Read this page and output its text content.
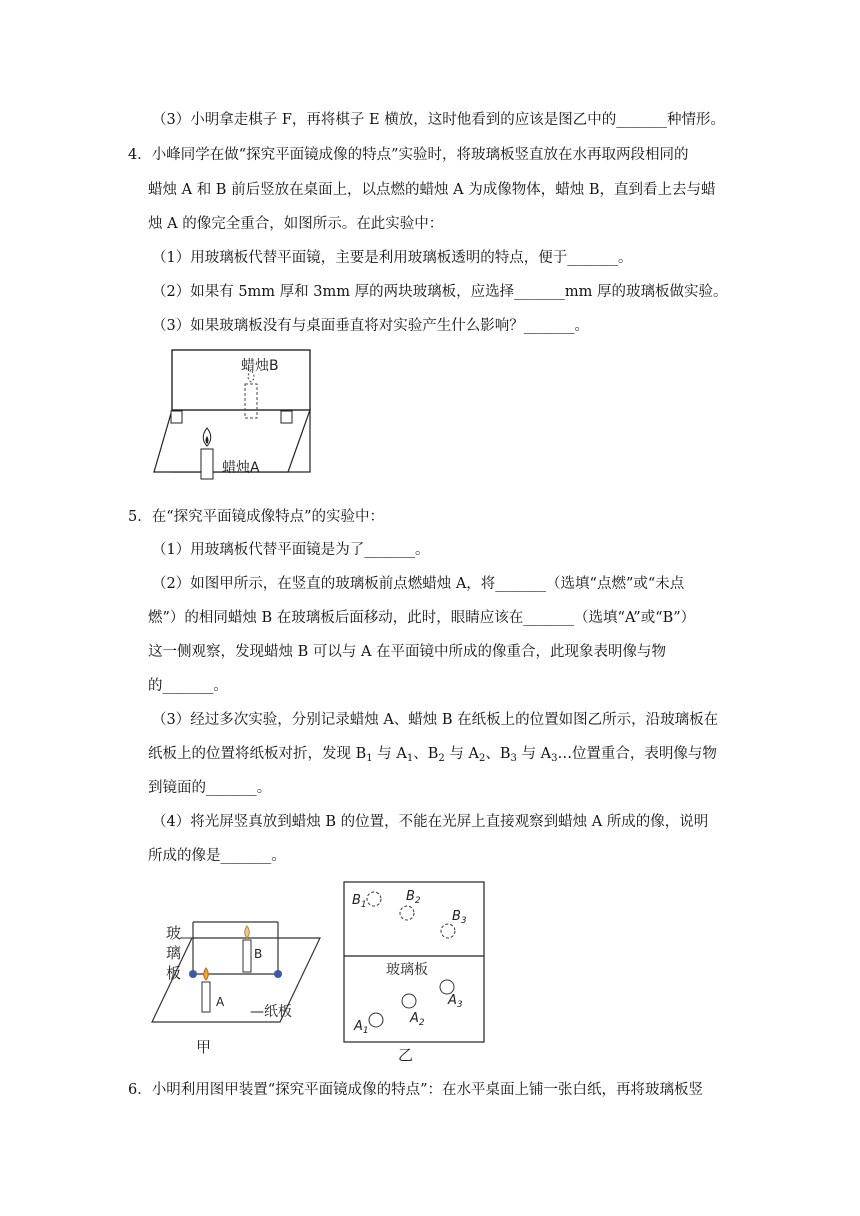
（3）小明拿走棋子 F，再将棋子 E 横放，这时他看到的应该是图乙中的_______种情形。
4．小峰同学在做“探究平面镜成像的特点”实验时，将玻璃板竖直放在水再取两段相同的
蜡烛 A 和 B 前后竖放在桌面上，以点燃的蜡烛 A 为成像物体，蜡烛 B，直到看上去与蜡
烛 A 的像完全重合，如图所示。在此实验中：
（1）用玻璃板代替平面镜，主要是利用玻璃板透明的特点，便于_______。
（2）如果有 5mm 厚和 3mm 厚的两块玻璃板，应选择_______mm 厚的玻璃板做实验。
（3）如果玻璃板没有与桌面垂直将对实验产生什么影响？_______。
蜡烛B
蜡烛A
5．在“探究平面镜成像特点”的实验中：
（1）用玻璃板代替平面镜是为了_______。
（2）如图甲所示，在竖直的玻璃板前点燃蜡烛 A，将_______（选填“点燃”或“未点
燃”）的相同蜡烛 B 在玻璃板后面移动，此时，眼睛应该在_______（选填“A”或“B”）
这一侧观察，发现蜡烛 B 可以与 A 在平面镜中所成的像重合，此现象表明像与物
的_______。
（3）经过多次实验，分别记录蜡烛 A、蜡烛 B 在纸板上的位置如图乙所示，沿玻璃板在
纸板上的位置将纸板对折，发现 $B_1$ 与 $A_1$、$B_2$ 与 $A_2$、$B_3$ 与 $A_3\dots$位置重合，表明像与物
到镜面的_______。
（4）将光屏竖真放到蜡烛 B 的位置，不能在光屏上直接观察到蜡烛 A 所成的像，说明
所成的像是_______。
玻
璃
板
B
A
—纸板
甲
$B_1$
$B_2$
$B_3$
玻璃板
$A_1$
$A_2$
$A_3$
乙
6．小明利用图甲装置“探究平面镜成像的特点”：在水平桌面上铺一张白纸，再将玻璃板竖
